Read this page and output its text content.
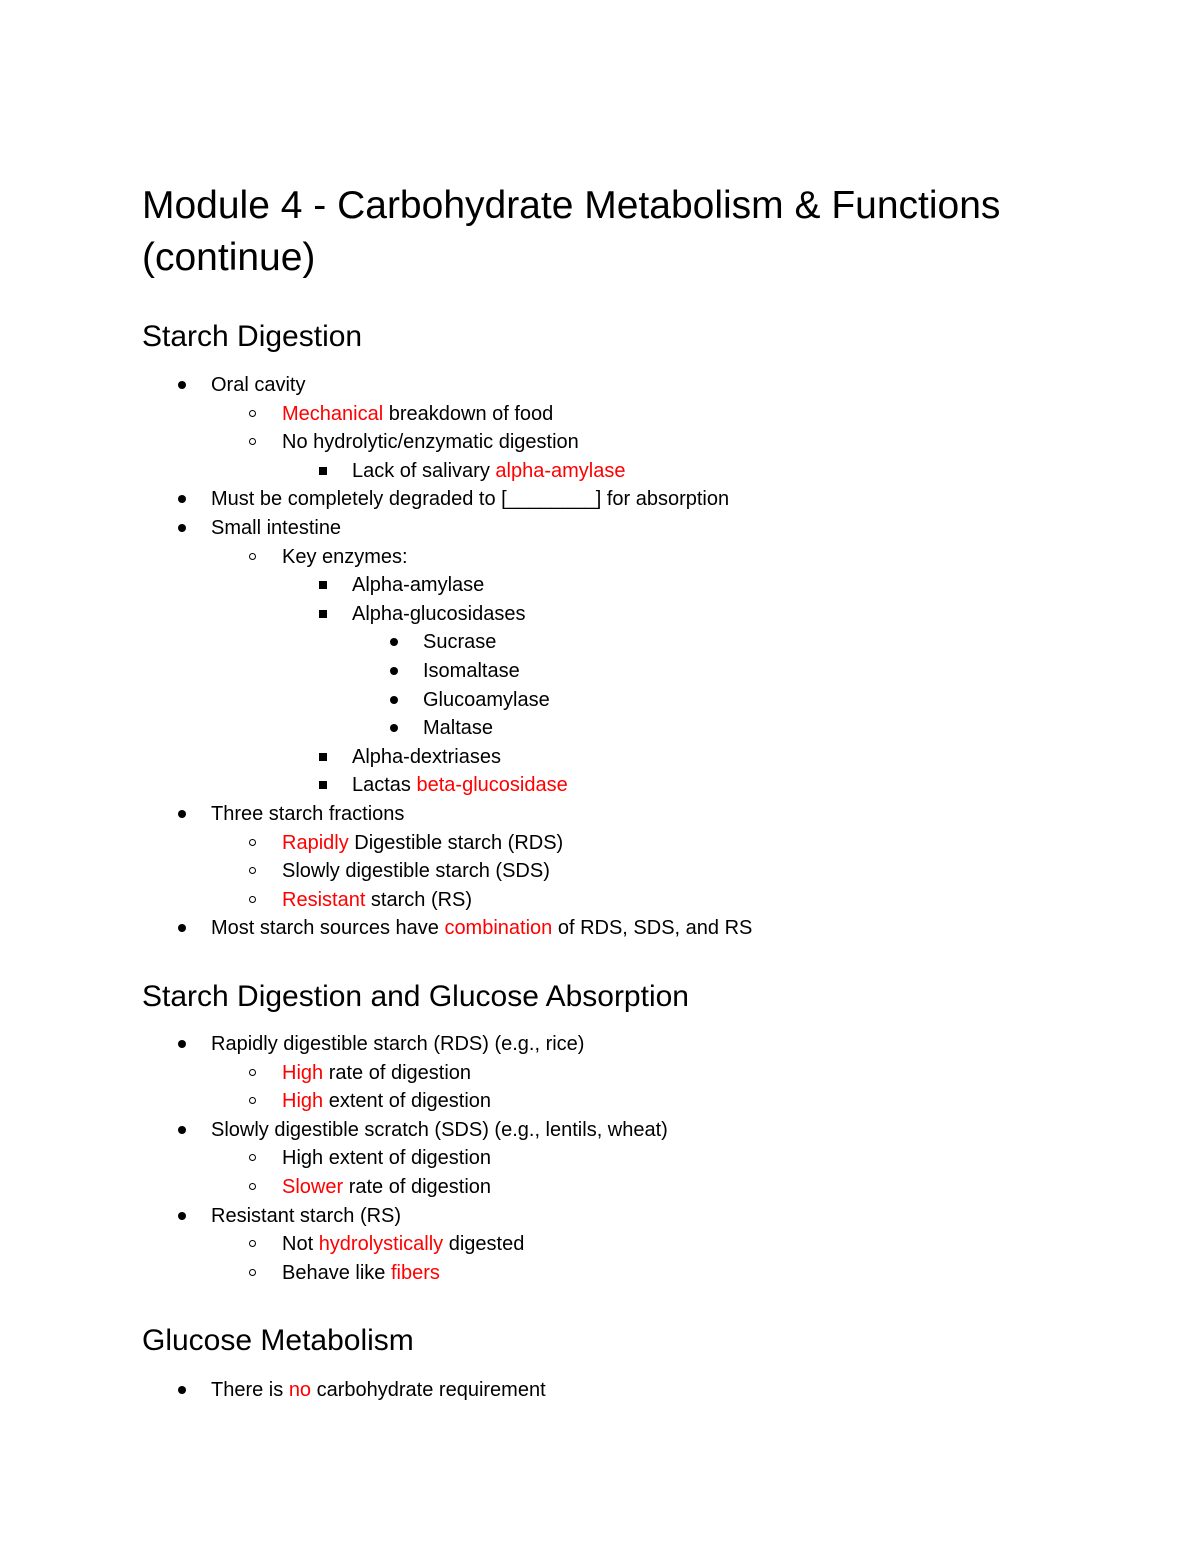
Module 4 - Carbohydrate Metabolism & Functions (continue)
Starch Digestion
Oral cavity
Mechanical breakdown of food
No hydrolytic/enzymatic digestion
Lack of salivary alpha-amylase
Must be completely degraded to [________] for absorption
Small intestine
Key enzymes:
Alpha-amylase
Alpha-glucosidases
Sucrase
Isomaltase
Glucoamylase
Maltase
Alpha-dextriases
Lactas beta-glucosidase
Three starch fractions
Rapidly Digestible starch (RDS)
Slowly digestible starch (SDS)
Resistant starch (RS)
Most starch sources have combination of RDS, SDS, and RS
Starch Digestion and Glucose Absorption
Rapidly digestible starch (RDS) (e.g., rice)
High rate of digestion
High extent of digestion
Slowly digestible scratch (SDS) (e.g., lentils, wheat)
High extent of digestion
Slower rate of digestion
Resistant starch (RS)
Not hydrolystically digested
Behave like fibers
Glucose Metabolism
There is no carbohydrate requirement
